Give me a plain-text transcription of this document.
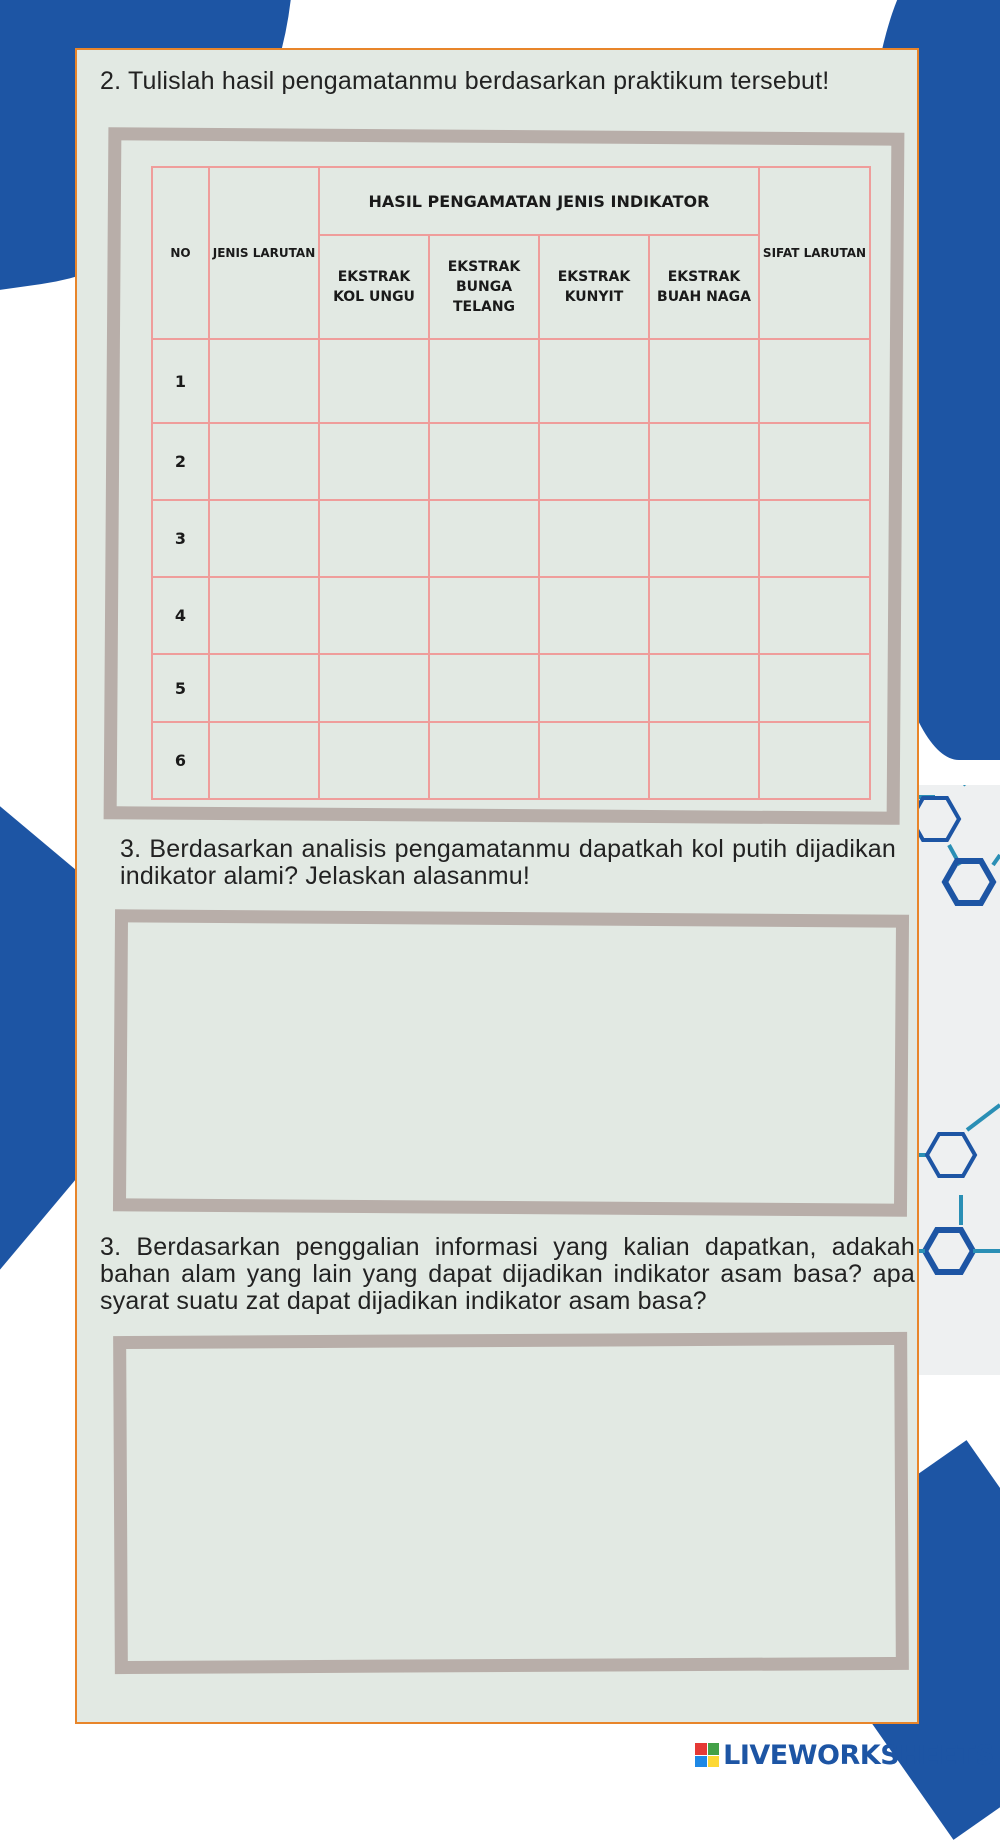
2. Tulislah hasil pengamatanmu berdasarkan praktikum tersebut!
NO	JENIS LARUTAN	HASIL PENGAMATAN JENIS INDIKATOR				SIFAT LARUTAN
		EKSTRAK KOL UNGU	EKSTRAK BUNGA TELANG	EKSTRAK KUNYIT	EKSTRAK BUAH NAGA	
1						
2						
3						
4						
5						
6						
3. Berdasarkan analisis pengamatanmu dapatkah kol putih dijadikan indikator alami? Jelaskan alasanmu!
3. Berdasarkan penggalian informasi yang kalian dapatkan, adakah bahan alam yang lain yang dapat dijadikan indikator asam basa? apa syarat suatu zat dapat dijadikan indikator asam basa?
LIVEWORKSHEETS
